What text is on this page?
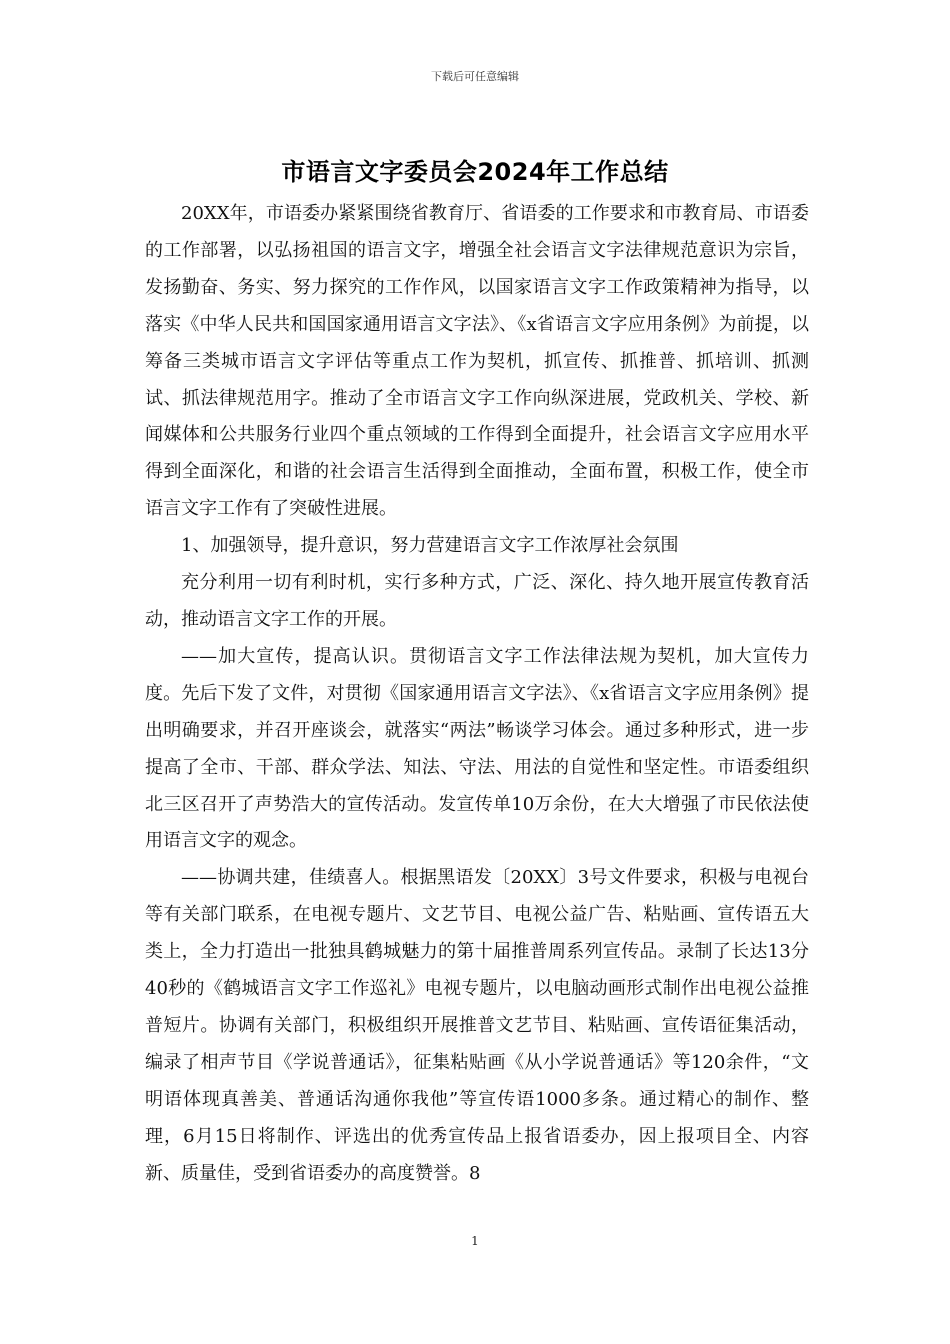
下载后可任意编辑
市语言文字委员会2024年工作总结

20XX年，市语委办紧紧围绕省教育厅、省语委的工作要求和市教育局、市语委的工作部署，以弘扬祖国的语言文字，增强全社会语言文字法律规范意识为宗旨，发扬勤奋、务实、努力探究的工作作风，以国家语言文字工作政策精神为指导，以落实《中华人民共和国国家通用语言文字法》、《x省语言文字应用条例》为前提，以筹备三类城市语言文字评估等重点工作为契机，抓宣传、抓推普、抓培训、抓测试、抓法律规范用字。推动了全市语言文字工作向纵深进展，党政机关、学校、新闻媒体和公共服务行业四个重点领域的工作得到全面提升，社会语言文字应用水平得到全面深化，和谐的社会语言生活得到全面推动，全面布置，积极工作，使全市语言文字工作有了突破性进展。

1、加强领导，提升意识，努力营建语言文字工作浓厚社会氛围

充分利用一切有利时机，实行多种方式，广泛、深化、持久地开展宣传教育活动，推动语言文字工作的开展。

——加大宣传，提高认识。贯彻语言文字工作法律法规为契机，加大宣传力度。先后下发了文件，对贯彻《国家通用语言文字法》、《x省语言文字应用条例》提出明确要求，并召开座谈会，就落实“两法”畅谈学习体会。通过多种形式，进一步提高了全市、干部、群众学法、知法、守法、用法的自觉性和坚定性。市语委组织北三区召开了声势浩大的宣传活动。发宣传单10万余份，在大大增强了市民依法使用语言文字的观念。

——协调共建，佳绩喜人。根据黑语发〔20XX〕3号文件要求，积极与电视台等有关部门联系，在电视专题片、文艺节目、电视公益广告、粘贴画、宣传语五大类上，全力打造出一批独具鹤城魅力的第十届推普周系列宣传品。录制了长达13分40秒的《鹤城语言文字工作巡礼》电视专题片，以电脑动画形式制作出电视公益推普短片。协调有关部门，积极组织开展推普文艺节目、粘贴画、宣传语征集活动，编录了相声节目《学说普通话》，征集粘贴画《从小学说普通话》等120余件，“文明语体现真善美、普通话沟通你我他”等宣传语1000多条。通过精心的制作、整理，6月15日将制作、评选出的优秀宣传品上报省语委办，因上报项目全、内容新、质量佳，受到省语委办的高度赞誉。8

1
